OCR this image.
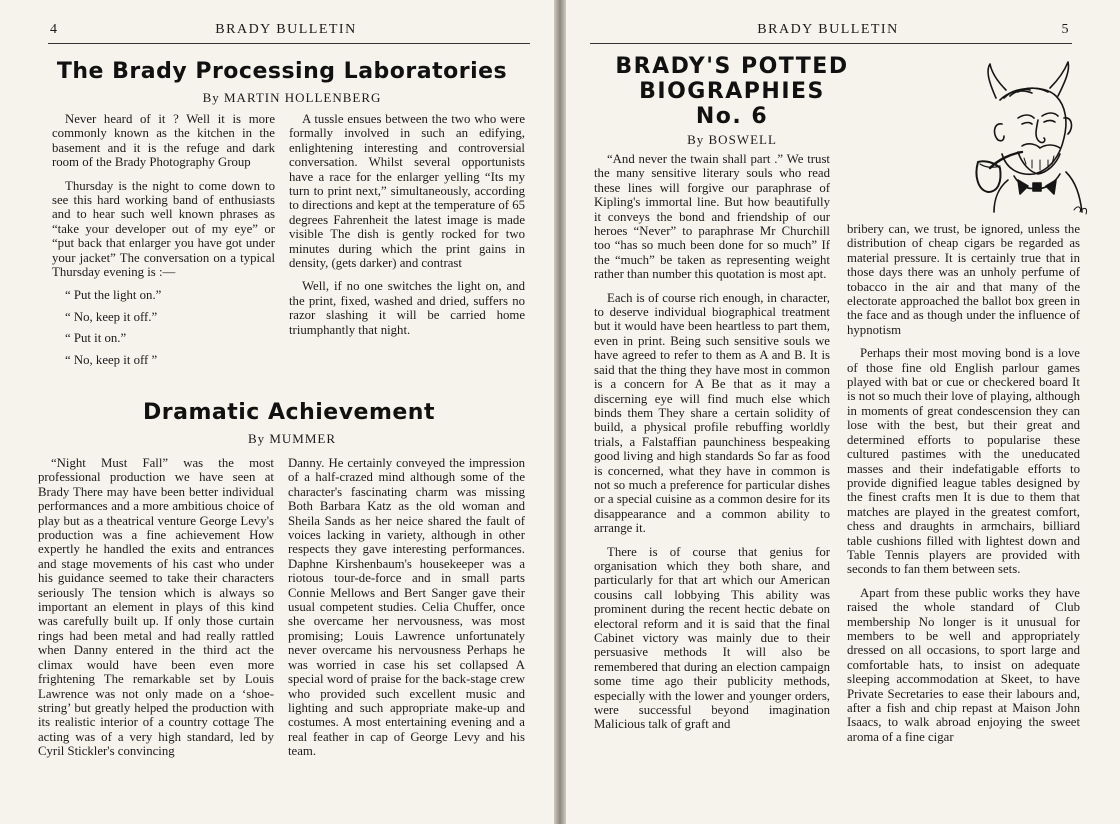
4	BRADY BULLETIN
The Brady Processing Laboratories
By MARTIN HOLLENBERG

Never heard of it ? Well it is more commonly known as the kitchen in the basement and it is the refuge and dark room of the Brady Photography Group

Thursday is the night to come down to see this hard working band of enthusiasts and to hear such well known phrases as “take your developer out of my eye” or “put back that enlarger you have got under your jacket” The conversation on a typical Thursday evening is :—

“ Put the light on.”

“ No, keep it off.”

“ Put it on.”

“ No, keep it off ”

A tussle ensues between the two who were formally involved in such an edifying, enlightening interesting and controversial conversation. Whilst several opportunists have a race for the enlarger yelling “Its my turn to print next,” simultaneously, according to directions and kept at the temperature of 65 degrees Fahrenheit the latest image is made visible The dish is gently rocked for two minutes during which the print gains in density, (gets darker) and contrast

Well, if no one switches the light on, and the print, fixed, washed and dried, suffers no razor slashing it will be carried home triumphantly that night.

Dramatic Achievement
By MUMMER

“Night Must Fall” was the most professional production we have seen at Brady There may have been better individual performances and a more ambitious choice of play but as a theatrical venture George Levy's production was a fine achievement How expertly he handled the exits and entrances and stage movements of his cast who under his guidance seemed to take their characters seriously The tension which is always so important an element in plays of this kind was carefully built up. If only those curtain rings had been metal and had really rattled when Danny entered in the third act the climax would have been even more frightening The remarkable set by Louis Lawrence was not only made on a ‘shoe-string’ but greatly helped the production with its realistic interior of a country cottage The acting was of a very high standard, led by Cyril Stickler's convincing

Danny. He certainly conveyed the impression of a half-crazed mind although some of the character's fascinating charm was missing Both Barbara Katz as the old woman and Sheila Sands as her neice shared the fault of voices lacking in variety, although in other respects they gave interesting performances. Daphne Kirshenbaum's housekeeper was a riotous tour-de-force and in small parts Connie Mellows and Bert Sanger gave their usual competent studies. Celia Chuffer, once she overcame her nervousness, was most promising; Louis Lawrence unfortunately never overcame his nervousness Perhaps he was worried in case his set collapsed A special word of praise for the back-stage crew who provided such excellent music and lighting and such appropriate make-up and costumes. A most entertaining evening and a real feather in cap of George Levy and his team.

BRADY BULLETIN	5
BRADY'S POTTED
BIOGRAPHIES
No. 6
By BOSWELL

“And never the twain shall part .” We trust the many sensitive literary souls who read these lines will forgive our paraphrase of Kipling's immortal line. But how beautifully it conveys the bond and friendship of our heroes “Never” to paraphrase Mr Churchill too “has so much been done for so much” If the “much” be taken as representing weight rather than number this quotation is most apt.

Each is of course rich enough, in character, to deserve individual biographical treatment but it would have been heartless to part them, even in print. Being such sensitive souls we have agreed to refer to them as A and B. It is said that the thing they have most in common is a concern for A Be that as it may a discerning eye will find much else which binds them They share a certain solidity of build, a physical profile rebuffing worldly trials, a Falstaffian paunchiness bespeaking good living and high standards So far as food is concerned, what they have in common is not so much a preference for particular dishes or a special cuisine as a common desire for its disappearance and a common ability to arrange it.

There is of course that genius for organisation which they both share, and particularly for that art which our American cousins call lobbying This ability was prominent during the recent hectic debate on electoral reform and it is said that the final Cabinet victory was mainly due to their persuasive methods It will also be remembered that during an election campaign some time ago their publicity methods, especially with the lower and younger orders, were successful beyond imagination Malicious talk of graft and

bribery can, we trust, be ignored, unless the distribution of cheap cigars be regarded as material pressure. It is certainly true that in those days there was an unholy perfume of tobacco in the air and that many of the electorate approached the ballot box green in the face and as though under the influence of hypnotism

Perhaps their most moving bond is a love of those fine old English parlour games played with bat or cue or checkered board It is not so much their love of playing, although in moments of great condescension they can lose with the best, but their great and determined efforts to popularise these cultured pastimes with the uneducated masses and their indefatigable efforts to provide dignified league tables designed by the finest crafts men It is due to them that matches are played in the greatest comfort, chess and draughts in armchairs, billiard table cushions filled with lightest down and Table Tennis players are provided with seconds to fan them between sets.

Apart from these public works they have raised the whole standard of Club membership No longer is it unusual for members to be well and appropriately dressed on all occasions, to sport large and comfortable hats, to insist on adequate sleeping accommodation at Skeet, to have Private Secretaries to ease their labours and, after a fish and chip repast at Maison John Isaacs, to walk abroad enjoying the sweet aroma of a fine cigar
